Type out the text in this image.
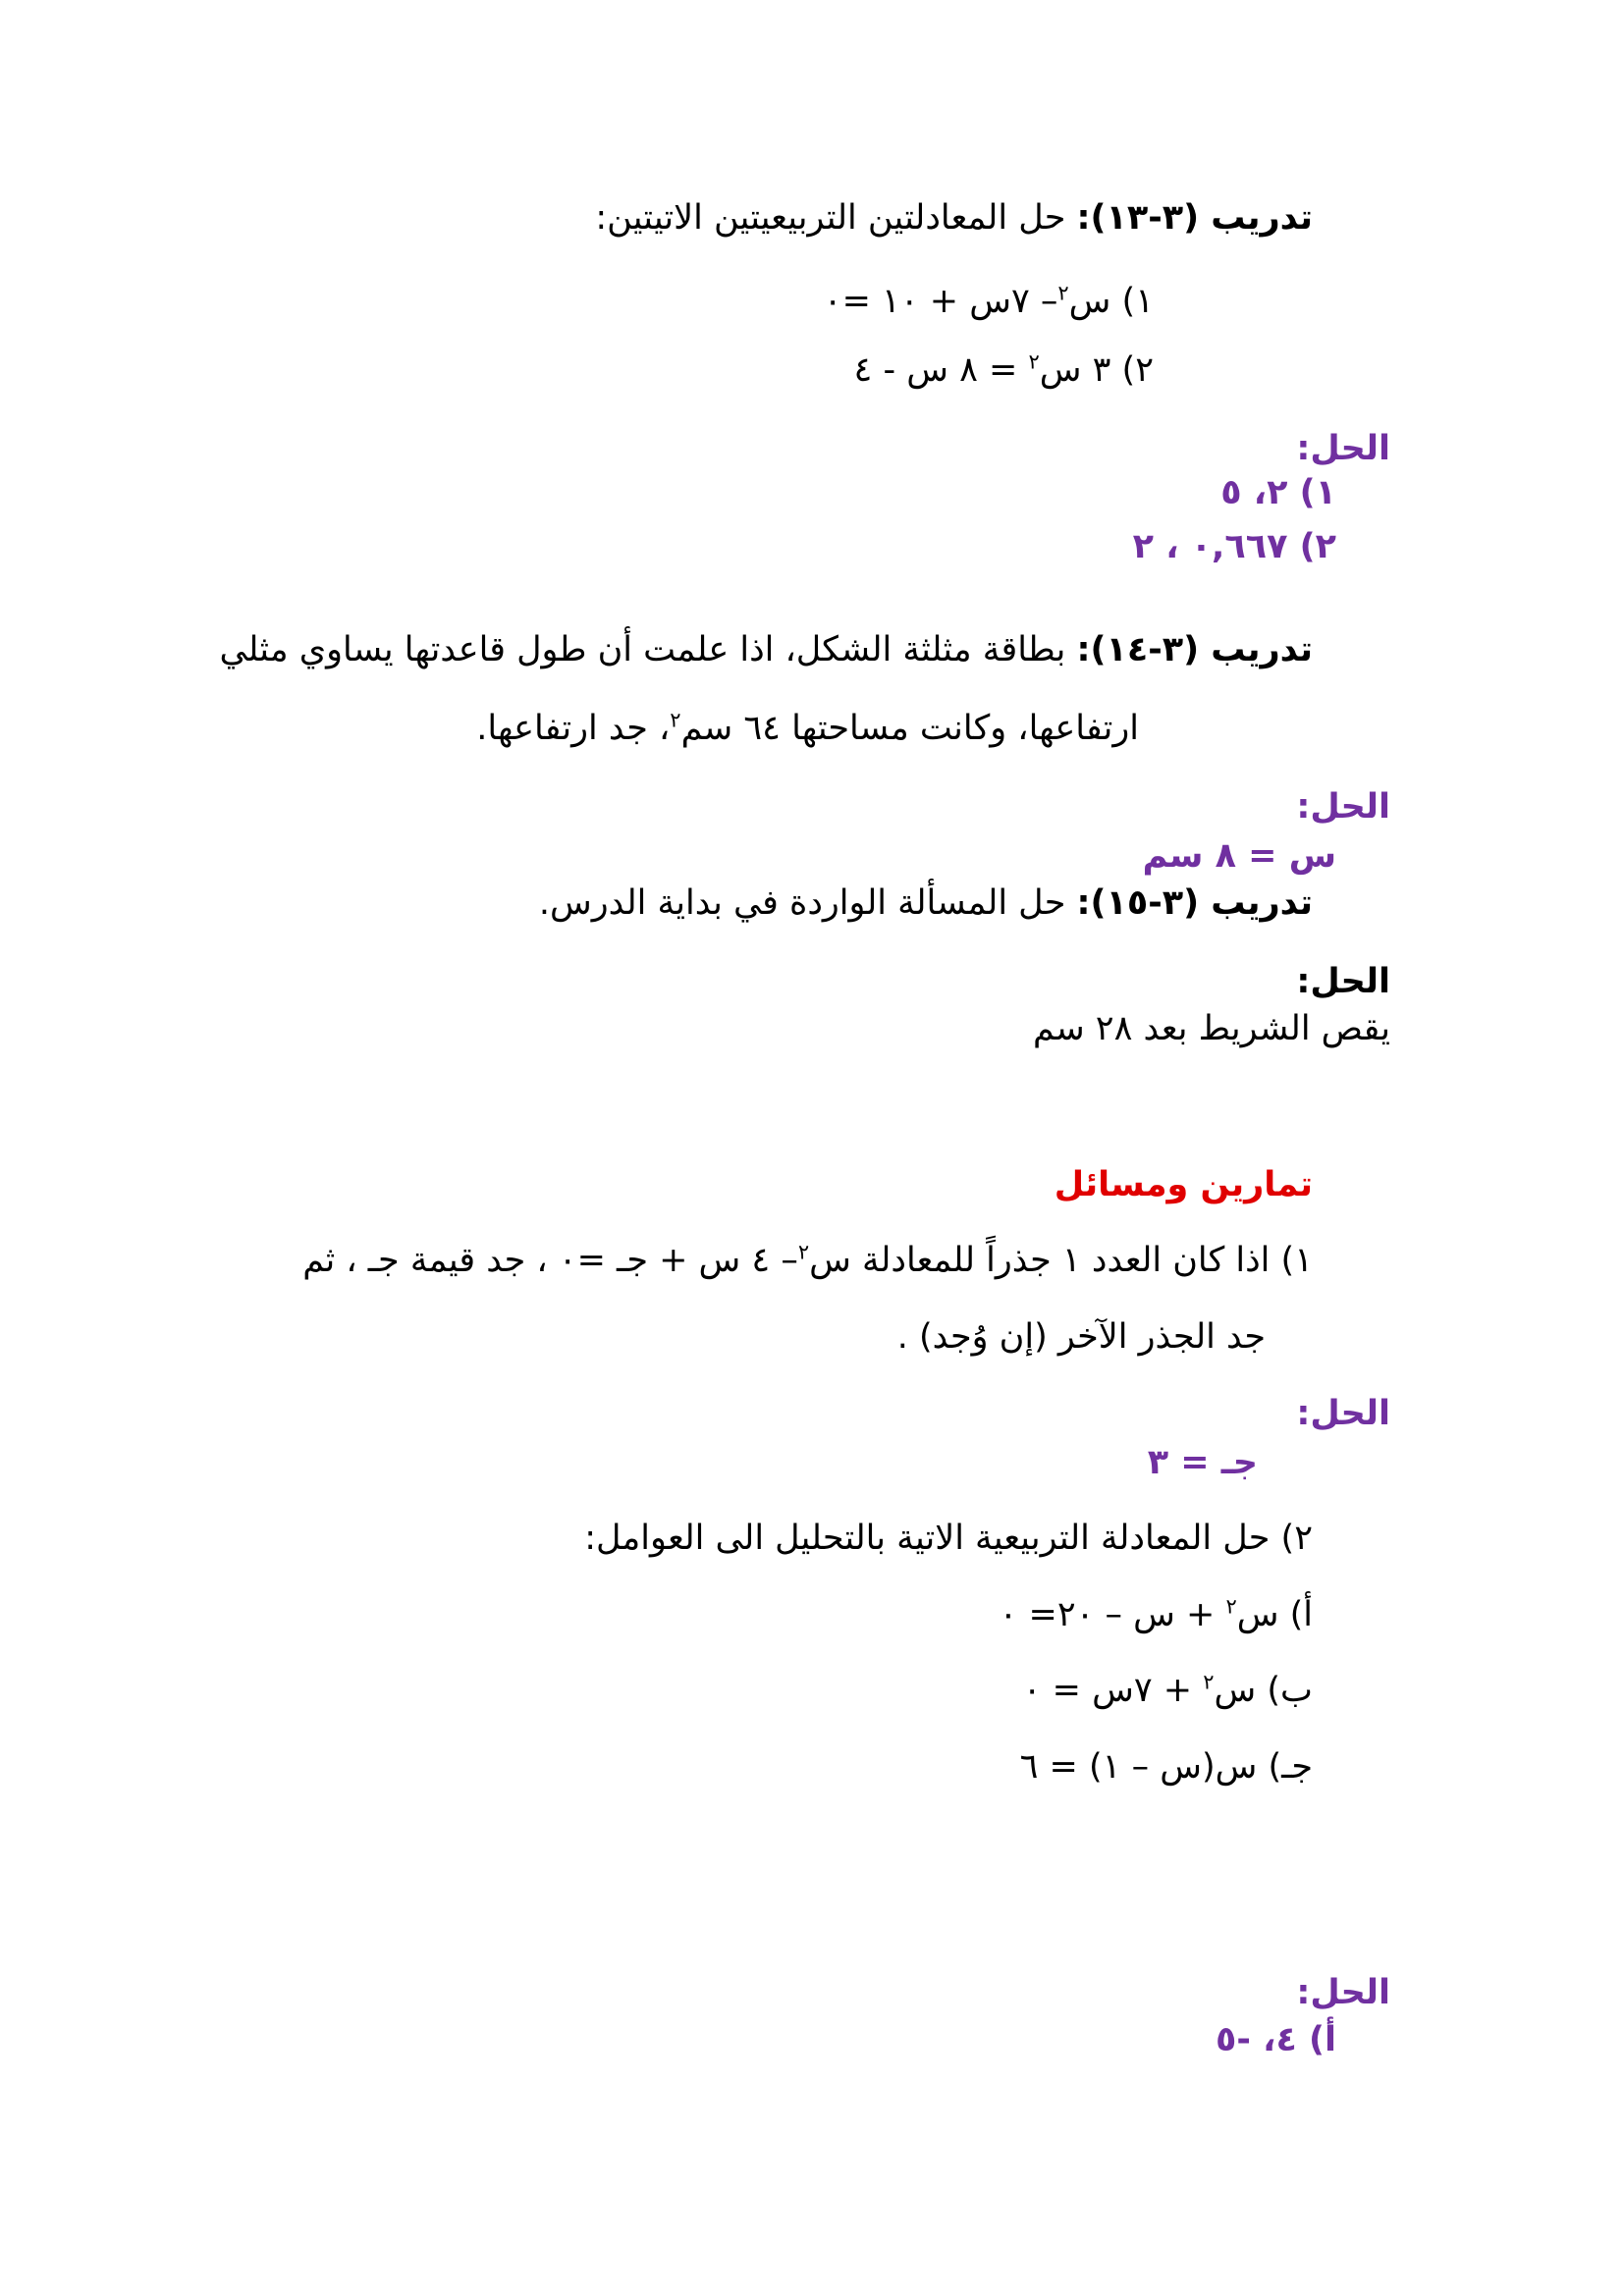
تدريب (٣-١٣): حل المعادلتين التربيعيتين الاتيتين:
١) س$^٢$– ٧س + ١٠ =٠
٢) ٣ س$^٢$ = ٨ س - ٤
الحل:
١) ٢، ٥
٢) ٠,٦٦٧ ، ٢
تدريب (٣-١٤): بطاقة مثلثة الشكل، اذا علمت أن طول قاعدتها يساوي مثلي
ارتفاعها، وكانت مساحتها ٦٤ سم$^٢$، جد ارتفاعها.
الحل:
س = ٨ سم
تدريب (٣-١٥): حل المسألة الواردة في بداية الدرس.
الحل:
يقص الشريط بعد ٢٨ سم
تمارين ومسائل
١) اذا كان العدد ١ جذراً للمعادلة س$^٢$– ٤ س + جـ =٠ ، جد قيمة جـ ، ثم
جد الجذر الآخر (إن وُجد) .
الحل:
جـ = ٣
٢) حل المعادلة التربيعية الاتية بالتحليل الى العوامل:
أ) س$^٢$ + س – ٢٠= ٠
ب) س$^٢$ + ٧س = ٠
جـ) س(س – ١) = ٦
الحل:
أ) ٤، -٥
